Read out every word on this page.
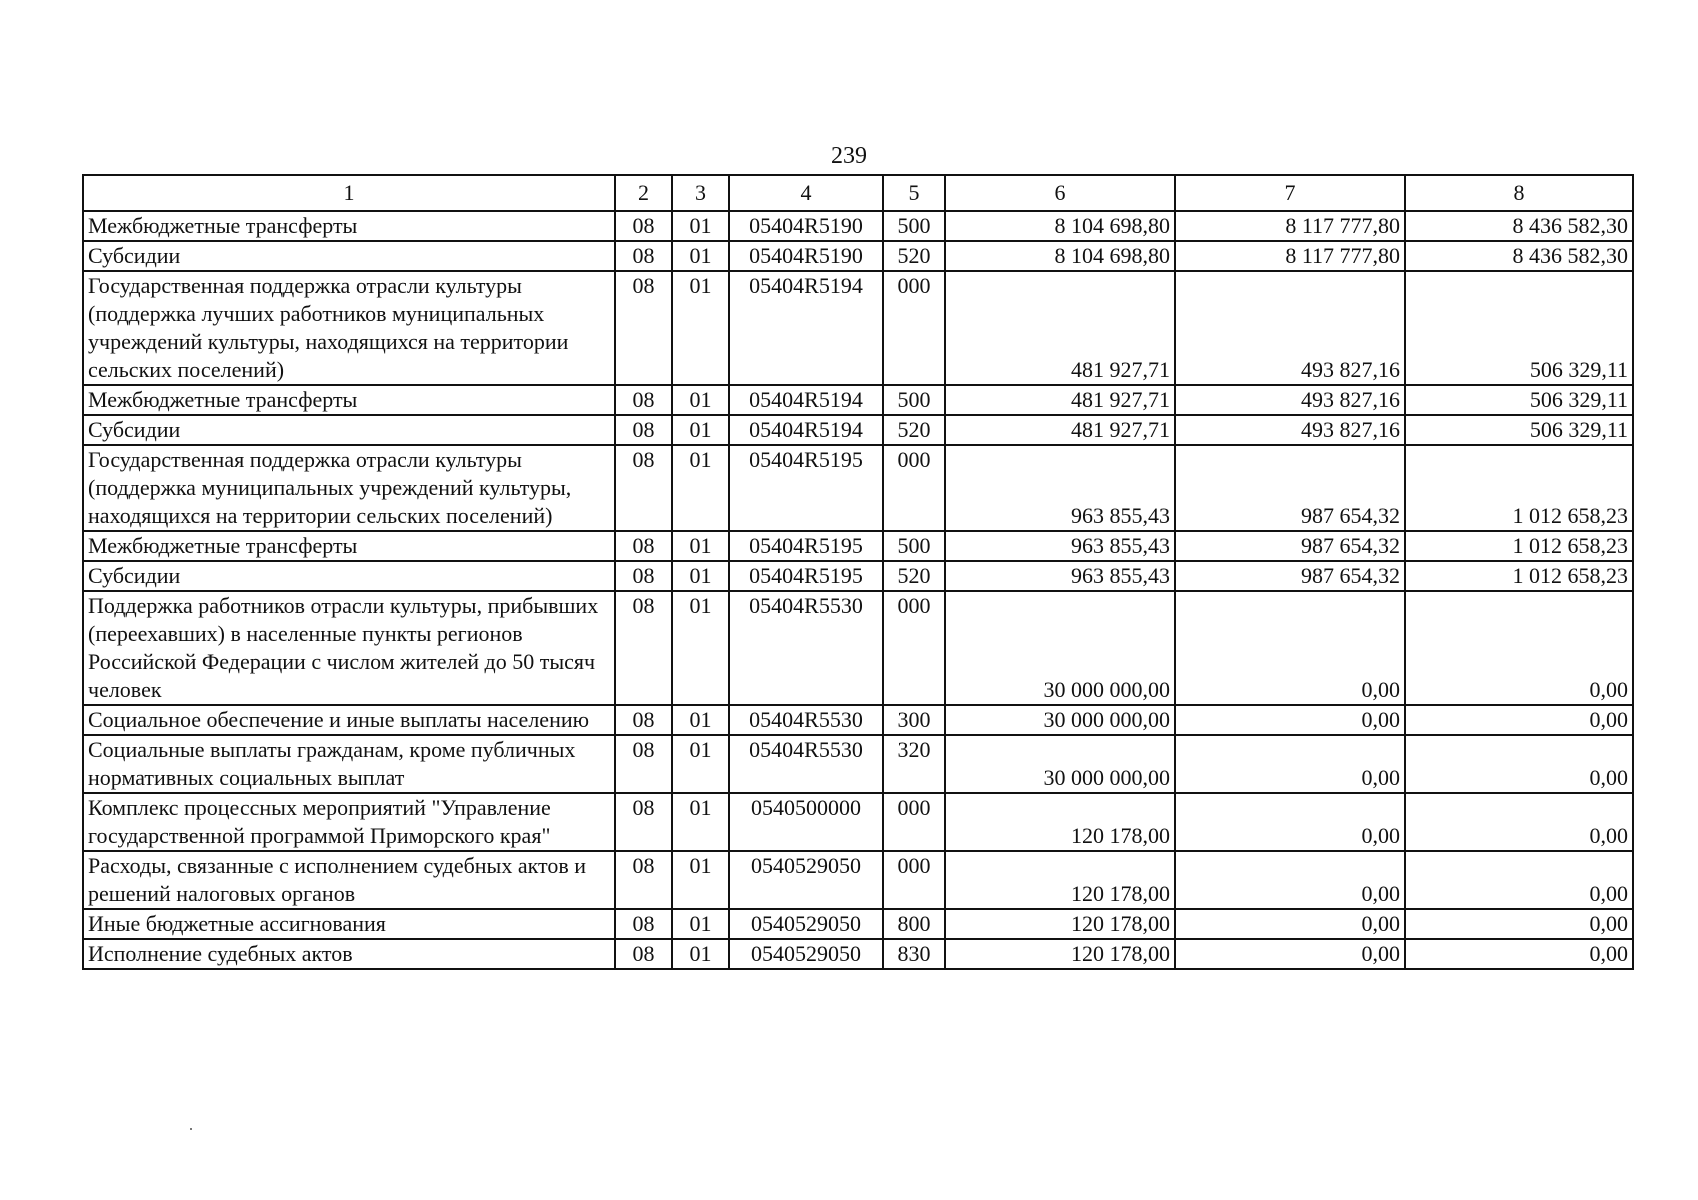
239
1	2	3	4	5	6	7	8
Межбюджетные трансферты	08	01	05404R5190	500	8 104 698,80	8 117 777,80	8 436 582,30
Субсидии	08	01	05404R5190	520	8 104 698,80	8 117 777,80	8 436 582,30
Государственная поддержка отрасли культуры (поддержка лучших работников муниципальных учреждений культуры, находящихся на территории сельских поселений)	08	01	05404R5194	000	481 927,71	493 827,16	506 329,11
Межбюджетные трансферты	08	01	05404R5194	500	481 927,71	493 827,16	506 329,11
Субсидии	08	01	05404R5194	520	481 927,71	493 827,16	506 329,11
Государственная поддержка отрасли культуры (поддержка муниципальных учреждений культуры, находящихся на территории сельских поселений)	08	01	05404R5195	000	963 855,43	987 654,32	1 012 658,23
Межбюджетные трансферты	08	01	05404R5195	500	963 855,43	987 654,32	1 012 658,23
Субсидии	08	01	05404R5195	520	963 855,43	987 654,32	1 012 658,23
Поддержка работников отрасли культуры, прибывших (переехавших) в населенные пункты регионов Российской Федерации с числом жителей до 50 тысяч человек	08	01	05404R5530	000	30 000 000,00	0,00	0,00
Социальное обеспечение и иные выплаты населению	08	01	05404R5530	300	30 000 000,00	0,00	0,00
Социальные выплаты гражданам, кроме публичных нормативных социальных выплат	08	01	05404R5530	320	30 000 000,00	0,00	0,00
Комплекс процессных мероприятий "Управление государственной программой Приморского края"	08	01	0540500000	000	120 178,00	0,00	0,00
Расходы, связанные с исполнением судебных актов и решений налоговых органов	08	01	0540529050	000	120 178,00	0,00	0,00
Иные бюджетные ассигнования	08	01	0540529050	800	120 178,00	0,00	0,00
Исполнение судебных актов	08	01	0540529050	830	120 178,00	0,00	0,00
